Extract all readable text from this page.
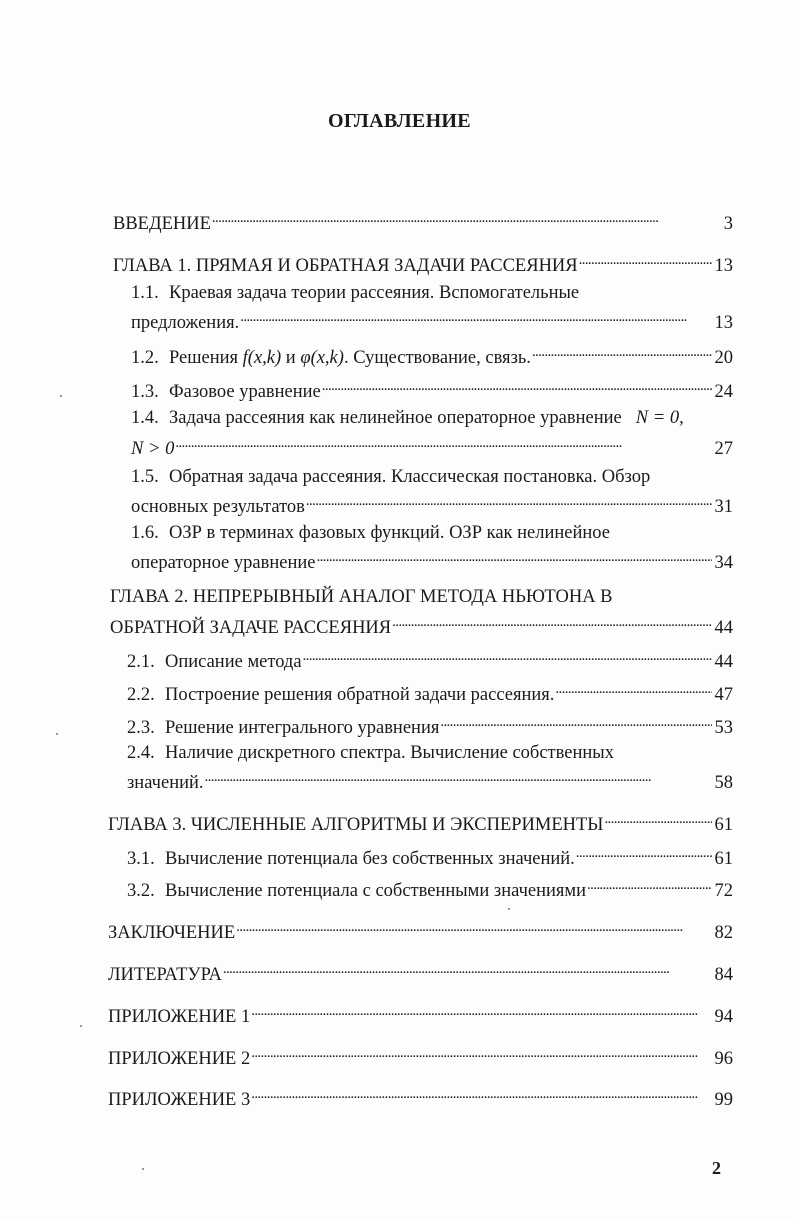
ОГЛАВЛЕНИЕ
ВВЕДЕНИЕ . . .	3
ГЛАВА 1. ПРЯМАЯ И ОБРАТНАЯ ЗАДАЧИ РАССЕЯНИЯ . . .	13
1.1. Краевая задача теории рассеяния. Вспомогательные
предложения. . . .	13
1.2. Решения f(x,k) и φ(x,k). Существование, связь. . . .	20
1.3. Фазовое уравнение . . .	24
1.4. Задача рассеяния как нелинейное операторное уравнение N = 0,
N > 0 . . .	27
1.5. Обратная задача рассеяния. Классическая постановка. Обзор
основных результатов . . .	31
1.6. ОЗР в терминах фазовых функций. ОЗР как нелинейное
операторное уравнение . . .	34
ГЛАВА 2. НЕПРЕРЫВНЫЙ АНАЛОГ МЕТОДА НЬЮТОНА В
ОБРАТНОЙ ЗАДАЧЕ РАССЕЯНИЯ . . .	44
2.1. Описание метода . . .	44
2.2. Построение решения обратной задачи рассеяния. . . .	47
2.3. Решение интегрального уравнения . . .	53
2.4. Наличие дискретного спектра. Вычисление собственных
значений. . . .	58
ГЛАВА 3. ЧИСЛЕННЫЕ АЛГОРИТМЫ И ЭКСПЕРИМЕНТЫ . . .	61
3.1. Вычисление потенциала без собственных значений. . . .	61
3.2. Вычисление потенциала с собственными значениями . . .	72
ЗАКЛЮЧЕНИЕ . . .	82
ЛИТЕРАТУРА . . .	84
ПРИЛОЖЕНИЕ 1 . . .	94
ПРИЛОЖЕНИЕ 2 . . .	96
ПРИЛОЖЕНИЕ 3 . . .	99
2
